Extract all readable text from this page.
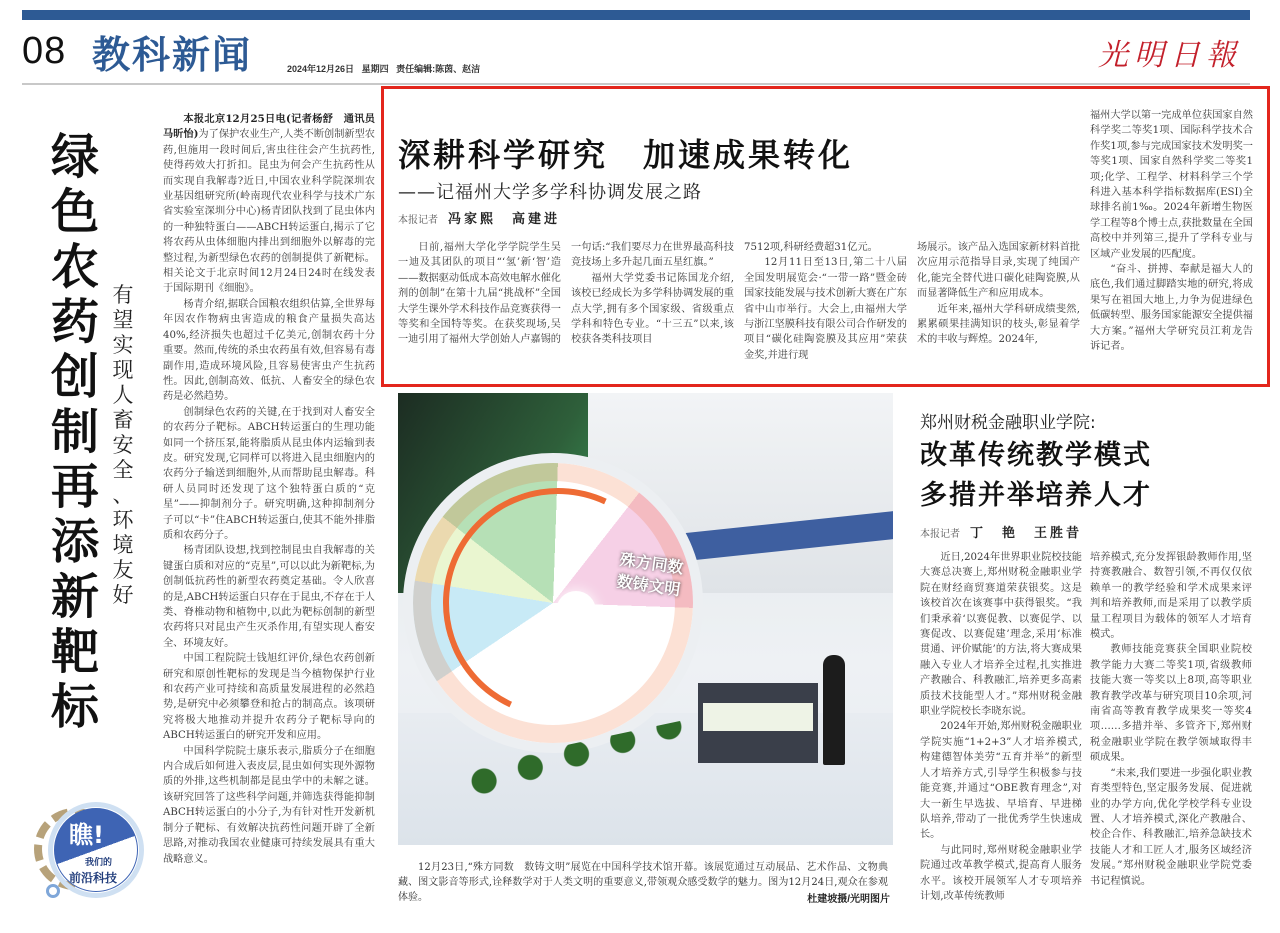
08 教科新闻	2024年12月26日 星期四 责任编辑:陈茵、赵洁	光明日報
绿
色
农
药
创
制
再
添
新
靶
标
有
望
实
现
人
畜
安
全
、
环
境
友
好
瞧!
我们的
前沿科技

本报北京12月25日电(记者杨舒　通讯员马昕怡)为了保护农业生产,人类不断创制新型农药,但施用一段时间后,害虫往往会产生抗药性,使得药效大打折扣。昆虫为何会产生抗药性从而实现自我解毒?近日,中国农业科学院深圳农业基因组研究所(岭南现代农业科学与技术广东省实验室深圳分中心)杨青团队找到了昆虫体内的一种独特蛋白——ABCH转运蛋白,揭示了它将农药从虫体细胞内排出到细胞外以解毒的完整过程,为新型绿色农药的创制提供了新靶标。相关论文于北京时间12月24日24时在线发表于国际期刊《细胞》。

杨青介绍,据联合国粮农组织估算,全世界每年因农作物病虫害造成的粮食产量损失高达40%,经济损失也超过千亿美元,创制农药十分重要。然而,传统的杀虫农药虽有效,但容易有毒副作用,造成环境风险,且容易使害虫产生抗药性。因此,创制高效、低抗、人畜安全的绿色农药是必然趋势。

创制绿色农药的关键,在于找到对人畜安全的农药分子靶标。ABCH转运蛋白的生理功能如同一个挤压泵,能将脂质从昆虫体内运输到表皮。研究发现,它同样可以将进入昆虫细胞内的农药分子输送到细胞外,从而帮助昆虫解毒。科研人员同时还发现了这个独特蛋白质的“克星”——抑制剂分子。研究明确,这种抑制剂分子可以“卡”住ABCH转运蛋白,使其不能外排脂质和农药分子。

杨青团队设想,找到控制昆虫自我解毒的关键蛋白质和对应的“克星”,可以以此为新靶标,为创制低抗药性的新型农药奠定基础。令人欣喜的是,ABCH转运蛋白只存在于昆虫,不存在于人类、脊椎动物和植物中,以此为靶标创制的新型农药将只对昆虫产生灭杀作用,有望实现人畜安全、环境友好。

中国工程院院士钱旭红评价,绿色农药创新研究和原创性靶标的发现是当今植物保护行业和农药产业可持续和高质量发展进程的必然趋势,是研究中必须攀登和抢占的制高点。该项研究将极大地推动并提升农药分子靶标导向的ABCH转运蛋白的研究开发和应用。

中国科学院院士康乐表示,脂质分子在细胞内合成后如何进入表皮层,昆虫如何实现外源物质的外排,这些机制都是昆虫学中的未解之谜。该研究回答了这些科学问题,并筛选获得能抑制ABCH转运蛋白的小分子,为有针对性开发新机制分子靶标、有效解决抗药性问题开辟了全新思路,对推动我国农业健康可持续发展具有重大战略意义。

深耕科学研究　加速成果转化
——记福州大学多学科协调发展之路
本报记者 冯家熙　高建进

日前,福州大学化学学院学生吴一迪及其团队的项目“‘氢’新‘智’造——数据驱动低成本高效电解水催化剂的创制”在第十九届“挑战杯”全国大学生课外学术科技作品竞赛获得一等奖和全国特等奖。在获奖现场,吴一迪引用了福州大学创始人卢嘉锡的

一句话:“我们要尽力在世界最高科技竞技场上多升起几面五星红旗。”

福州大学党委书记陈国龙介绍,该校已经成长为多学科协调发展的重点大学,拥有多个国家级、省级重点学科和特色专业。“十三五”以来,该校获各类科技项目

7512项,科研经费超31亿元。

12月11日至13日,第二十八届全国发明展览会·“一带一路”暨金砖国家技能发展与技术创新大赛在广东省中山市举行。大会上,由福州大学与浙江坚膜科技有限公司合作研发的项目“碳化硅陶瓷膜及其应用”荣获金奖,并进行现

场展示。该产品入选国家新材料首批次应用示范指导目录,实现了纯国产化,能完全替代进口碳化硅陶瓷膜,从而显著降低生产和应用成本。

近年来,福州大学科研成绩斐然,累累硕果挂满知识的枝头,彰显着学术的丰收与辉煌。2024年,

福州大学以第一完成单位获国家自然科学奖二等奖1项、国际科学技术合作奖1项,参与完成国家技术发明奖一等奖1项、国家自然科学奖二等奖1项;化学、工程学、材料科学三个学科进入基本科学指标数据库(ESI)全球排名前1‰。2024年新增生物医学工程等8个博士点,获批数量在全国高校中并列第三,提升了学科专业与区域产业发展的匹配度。

“奋斗、拼搏、奉献是福大人的底色,我们通过脚踏实地的研究,将成果写在祖国大地上,力争为促进绿色低碳转型、服务国家能源安全提供福大方案。”福州大学研究员江莉龙告诉记者。

殊方同数
数铸文明
12月23日,“殊方同数　数铸文明”展览在中国科学技术馆开幕。该展览通过互动展品、艺术作品、文物典藏、图文影音等形式,诠释数学对于人类文明的重要意义,带领观众感受数学的魅力。图为12月24日,观众在参观体验。	杜建坡摄/光明图片
郑州财税金融职业学院:
改革传统教学模式
多措并举培养人才
本报记者 丁　艳　王胜昔

近日,2024年世界职业院校技能大赛总决赛上,郑州财税金融职业学院在财经商贸赛道荣获银奖。这是该校首次在该赛事中获得银奖。“我们秉承着‘以赛促教、以赛促学、以赛促改、以赛促建’理念,采用‘标准贯通、评价赋能’的方法,将大赛成果融入专业人才培养全过程,扎实推进产教融合、科教融汇,培养更多高素质技术技能型人才。”郑州财税金融职业学院校长李晓东说。

2024年开始,郑州财税金融职业学院实施“1+2+3”人才培养模式,构建德智体美劳“五育并举”的新型人才培养方式,引导学生积极参与技能竞赛,并通过“OBE教育理念”,对大一新生早选拔、早培育、早进梯队培养,带动了一批优秀学生快速成长。

与此同时,郑州财税金融职业学院通过改革教学模式,提高育人服务水平。该校开展领军人才专项培养计划,改革传统教师

培养模式,充分发挥银龄教师作用,坚持赛教融合、数智引领,不再仅仅依赖单一的教学经验和学术成果来评判和培养教师,而是采用了以教学质量工程项目为载体的领军人才培育模式。

教师技能竞赛获全国职业院校教学能力大赛二等奖1项,省级教师技能大赛一等奖以上8项,高等职业教育教学改革与研究项目10余项,河南省高等教育教学成果奖一等奖4项……多措并举、多管齐下,郑州财税金融职业学院在教学领域取得丰硕成果。

“未来,我们要进一步强化职业教育类型特色,坚定服务发展、促进就业的办学方向,优化学校学科专业设置、人才培养模式,深化产教融合、校企合作、科教融汇,培养急缺技术技能人才和工匠人才,服务区域经济发展。”郑州财税金融职业学院党委书记程慎说。
